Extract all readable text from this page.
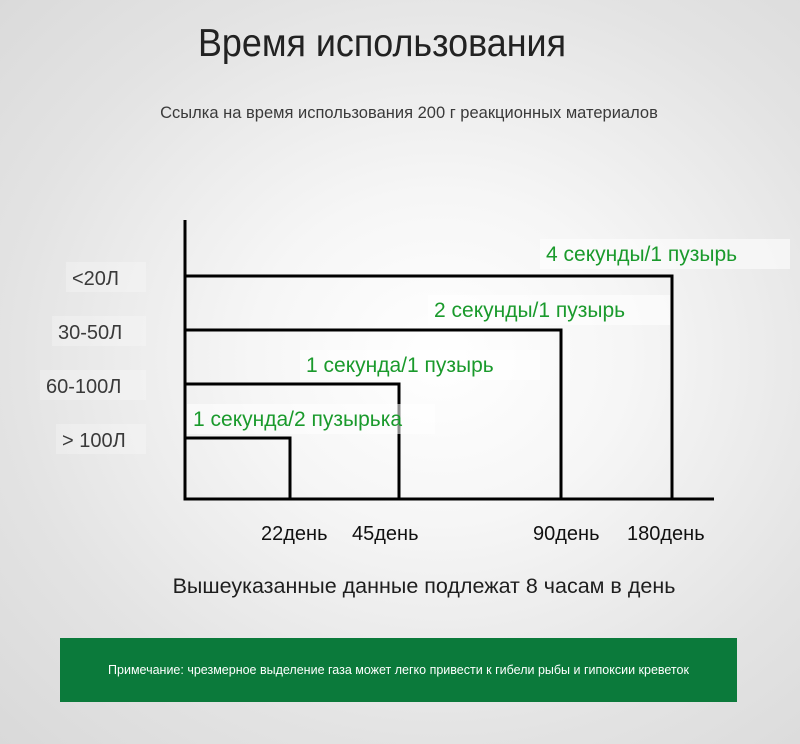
Время использования
Ссылка на время использования 200 г реакционных материалов
1 секунда/2 пузырька
1 секунда/1 пузырь
2 секунды/1 пузырь
4 секунды/1 пузырь
<20Л
30-50Л
60-100Л
> 100Л
22день 45день	90день 180день
Вышеуказанные данные подлежат 8 часам в день
Примечание: чрезмерное выделение газа может легко привести к гибели рыбы и гипоксии креветок
